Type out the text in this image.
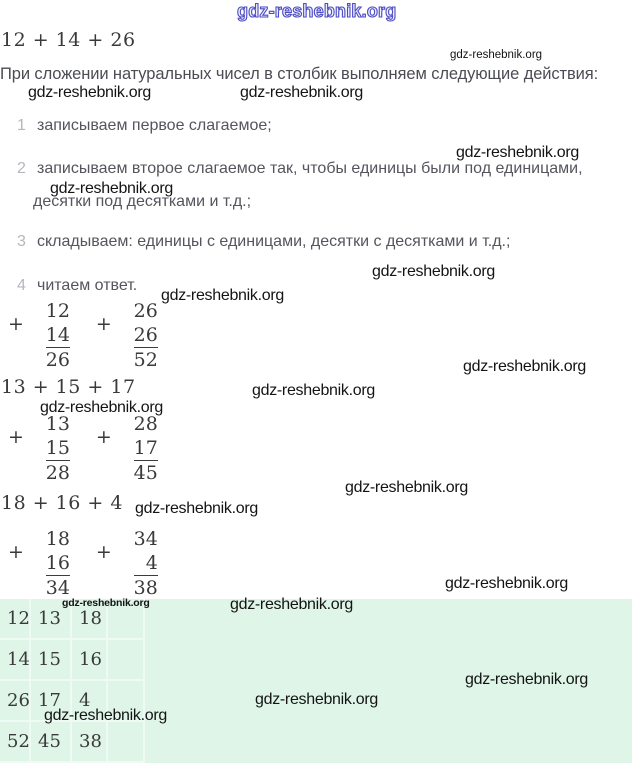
gdz-reshebnik.org
12 + 14 + 26
При сложении натуральных чисел в столбик выполняем следующие действия:
1 записываем первое слагаемое;
2 записываем второе слагаемое так, чтобы единицы были под единицами,
десятки под десятками и т.д.;
3 складываем: единицы с единицами, десятки с десятками и т.д.;
4 читаем ответ.
+
12
14
26
+
26
26
52
13 + 15 + 17
+
13
15
28
+
28
17
45
18 + 16 + 4
+
18
16
34
+
34
4
38
12 13	18
14 15	16
26 17	4
52 45	38
gdz-reshebnik.org
gdz-reshebnik.org	gdz-reshebnik.org
gdz-reshebnik.org
gdz-reshebnik.org
gdz-reshebnik.org
gdz-reshebnik.org
gdz-reshebnik.org
gdz-reshebnik.org
gdz-reshebnik.org
gdz-reshebnik.org
gdz-reshebnik.org
gdz-reshebnik.org
gdz-reshebnik.org	gdz-reshebnik.org
gdz-reshebnik.org
gdz-reshebnik.org
gdz-reshebnik.org
